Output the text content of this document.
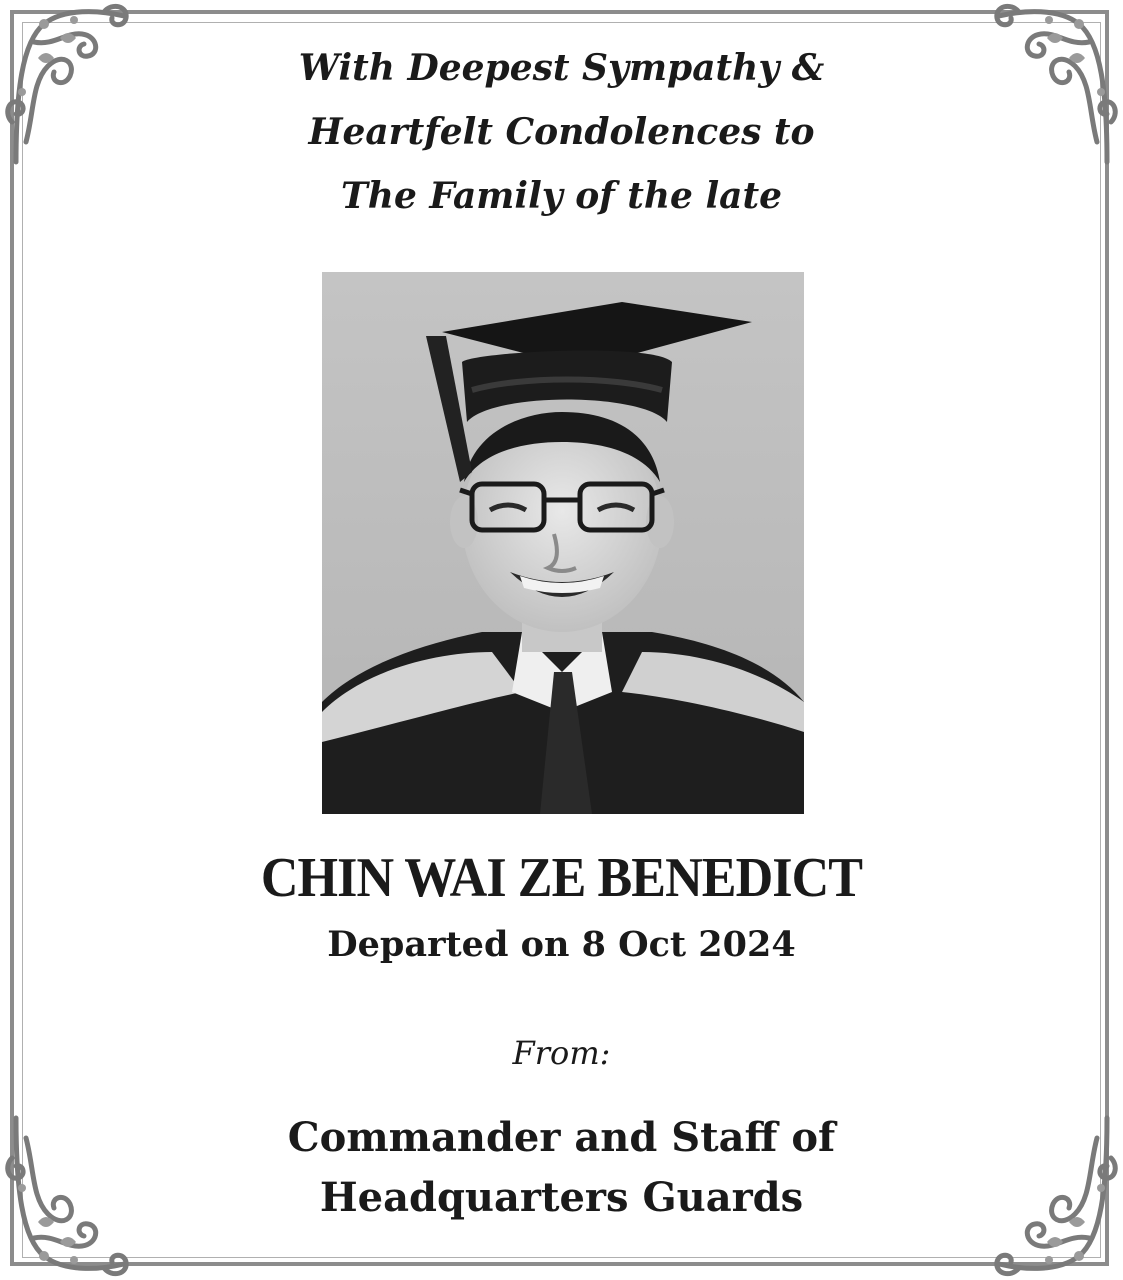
With Deepest Sympathy &
Heartfelt Condolences to
The Family of the late
CHIN WAI ZE BENEDICT
Departed on 8 Oct 2024
From:
Commander and Staff of
Headquarters Guards
